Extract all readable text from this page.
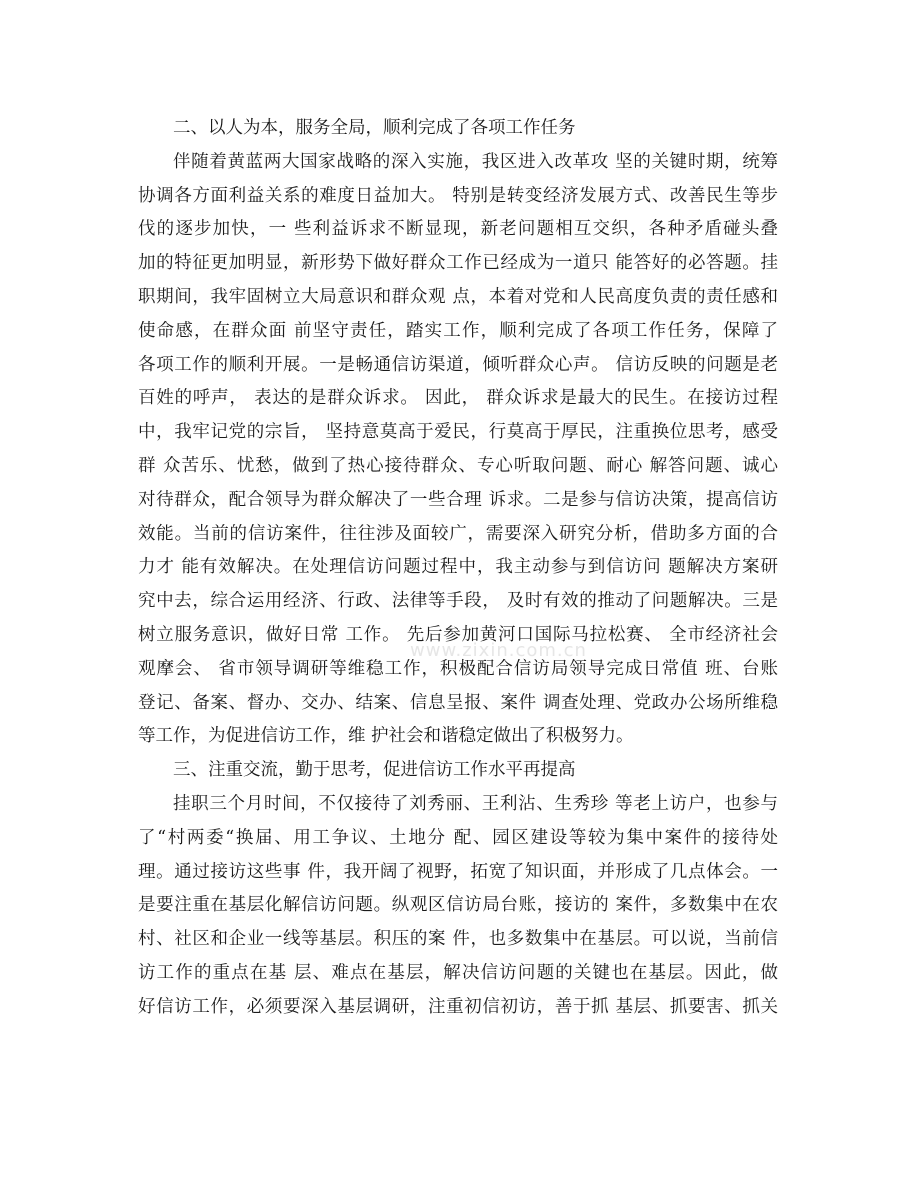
www.zixin.com.cn
二、以人为本，服务全局，顺利完成了各项工作任务
伴随着黄蓝两大国家战略的深入实施，我区进入改革攻 坚的关键时期，统筹
协调各方面利益关系的难度日益加大。 特别是转变经济发展方式、改善民生等步
伐的逐步加快，一 些利益诉求不断显现，新老问题相互交织，各种矛盾碰头叠
加的特征更加明显，新形势下做好群众工作已经成为一道只 能答好的必答题。挂
职期间，我牢固树立大局意识和群众观 点，本着对党和人民高度负责的责任感和
使命感，在群众面 前坚守责任，踏实工作，顺利完成了各项工作任务，保障了
各项工作的顺利开展。一是畅通信访渠道，倾听群众心声。 信访反映的问题是老
百姓的呼声， 表达的是群众诉求。 因此， 群众诉求是最大的民生。在接访过程
中，我牢记党的宗旨， 坚持意莫高于爱民，行莫高于厚民，注重换位思考，感受
群 众苦乐、忧愁，做到了热心接待群众、专心听取问题、耐心 解答问题、诚心
对待群众，配合领导为群众解决了一些合理 诉求。二是参与信访决策，提高信访
效能。当前的信访案件，往往涉及面较广，需要深入研究分析，借助多方面的合
力才 能有效解决。在处理信访问题过程中，我主动参与到信访问 题解决方案研
究中去，综合运用经济、行政、法律等手段， 及时有效的推动了问题解决。三是
树立服务意识，做好日常 工作。 先后参加黄河口国际马拉松赛、 全市经济社会
观摩会、 省市领导调研等维稳工作，积极配合信访局领导完成日常值 班、台账
登记、备案、督办、交办、结案、信息呈报、案件 调查处理、党政办公场所维稳
等工作，为促进信访工作，维 护社会和谐稳定做出了积极努力。
三、注重交流，勤于思考，促进信访工作水平再提高
挂职三个月时间，不仅接待了刘秀丽、王利沾、生秀珍 等老上访户，也参与
了“村两委“换届、用工争议、土地分 配、园区建设等较为集中案件的接待处
理。通过接访这些事 件，我开阔了视野，拓宽了知识面，并形成了几点体会。一
是要注重在基层化解信访问题。纵观区信访局台账，接访的 案件，多数集中在农
村、社区和企业一线等基层。积压的案 件，也多数集中在基层。可以说，当前信
访工作的重点在基 层、难点在基层，解决信访问题的关键也在基层。因此，做
好信访工作，必须要深入基层调研，注重初信初访，善于抓 基层、抓要害、抓关
